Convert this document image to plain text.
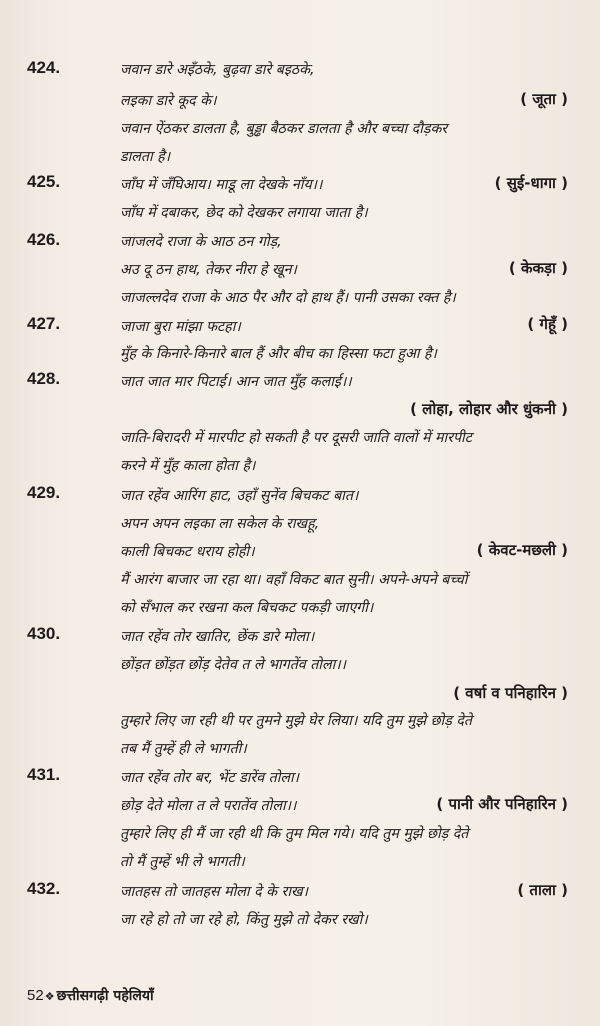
424.	जवान डारे अइँठके, बुढ़वा डारे बइठके,
लइका डारे कूद के।	( जूता )
जवान ऐंठकर डालता है, बुड्ढा बैठकर डालता है और बच्चा दौड़कर
डालता है।
425.	जाँघ में जँघिआय। माडू ला देखके नाँय।।	( सुई-धागा )
जाँघ में दबाकर, छेद को देखकर लगाया जाता है।
426.	जाजलदे राजा के आठ ठन गोड़,
अउ दू ठन हाथ, तेकर नीरा हे खून।	( केकड़ा )
जाजल्लदेव राजा के आठ पैर और दो हाथ हैं। पानी उसका रक्त है।
427.	जाजा बुरा मांझा फटहा।	( गेहूँ )
मुँह के किनारे-किनारे बाल हैं और बीच का हिस्सा फटा हुआ है।
428.	जात जात मार पिटाई। आन जात मुँह कलाई।।
( लोहा, लोहार और धुंकनी )
जाति-बिरादरी में मारपीट हो सकती है पर दूसरी जाति वालों में मारपीट
करने में मुँह काला होता है।
429.	जात रहेंव आरिंग हाट, उहाँ सुनेंव बिचकट बात।
अपन अपन लइका ला सकेल के राखहू,
काली बिचकट धराय होही।	( केवट-मछली )
मैं आरंग बाजार जा रहा था। वहाँ विकट बात सुनी। अपने-अपने बच्चों
को सँभाल कर रखना कल बिचकट पकड़ी जाएगी।
430.	जात रहेंव तोर खातिर, छेंक डारे मोला।
छोंड़त छोंड़त छोंड़ देतेव त ले भागतेंव तोला।।
( वर्षा व पनिहारिन )
तुम्हारे लिए जा रही थी पर तुमने मुझे घेर लिया। यदि तुम मुझे छोड़ देते
तब मैं तुम्हें ही ले भागती।
431.	जात रहेंव तोर बर, भेंट डारेंव तोला।
छोड़ देते मोला त ले परातेंव तोला।।	( पानी और पनिहारिन )
तुम्हारे लिए ही मैं जा रही थी कि तुम मिल गये। यदि तुम मुझे छोड़ देते
तो मैं तुम्हें भी ले भागती।
432.	जातहस तो जातहस मोला दे के राख।	( ताला )
जा रहे हो तो जा रहे हो, किंतु मुझे तो देकर रखो।
52❖ छत्तीसगढ़ी पहेलियाँ
